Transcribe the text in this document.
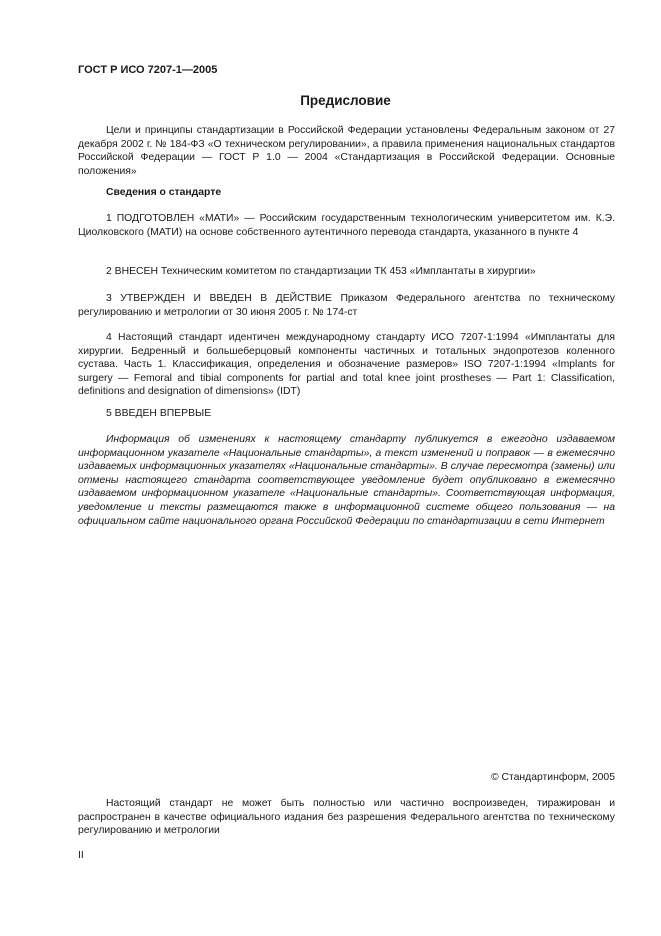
ГОСТ Р ИСО 7207-1—2005
Предисловие
Цели и принципы стандартизации в Российской Федерации установлены Федеральным законом от 27 декабря 2002 г. № 184-ФЗ «О техническом регулировании», а правила применения национальных стандартов Российской Федерации — ГОСТ Р 1.0 — 2004 «Стандартизация в Российской Федерации. Основные положения»
Сведения о стандарте
1 ПОДГОТОВЛЕН «МАТИ» — Российским государственным технологическим университетом им. К.Э. Циолковского (МАТИ) на основе собственного аутентичного перевода стандарта, указанного в пункте 4
2 ВНЕСЕН Техническим комитетом по стандартизации ТК 453 «Имплантаты в хирургии»
3 УТВЕРЖДЕН И ВВЕДЕН В ДЕЙСТВИЕ Приказом Федерального агентства по техническому регулированию и метрологии от 30 июня 2005 г. № 174-ст
4 Настоящий стандарт идентичен международному стандарту ИСО 7207-1:1994 «Имплантаты для хирургии. Бедренный и большеберцовый компоненты частичных и тотальных эндопротезов коленного сустава. Часть 1. Классификация, определения и обозначение размеров» ISO 7207-1:1994 «Implants for surgery — Femoral and tibial components for partial and total knee joint prostheses — Part 1: Classification, definitions and designation of dimensions» (IDT)
5 ВВЕДЕН ВПЕРВЫЕ
Информация об изменениях к настоящему стандарту публикуется в ежегодно издаваемом информационном указателе «Национальные стандарты», а текст изменений и поправок — в ежемесячно издаваемых информационных указателях «Национальные стандарты». В случае пересмотра (замены) или отмены настоящего стандарта соответствующее уведомление будет опубликовано в ежемесячно издаваемом информационном указателе «Национальные стандарты». Соответствующая информация, уведомление и тексты размещаются также в информационной системе общего пользования — на официальном сайте национального органа Российской Федерации по стандартизации в сети Интернет
© Стандартинформ, 2005
Настоящий стандарт не может быть полностью или частично воспроизведен, тиражирован и распространен в качестве официального издания без разрешения Федерального агентства по техническому регулированию и метрологии
II
